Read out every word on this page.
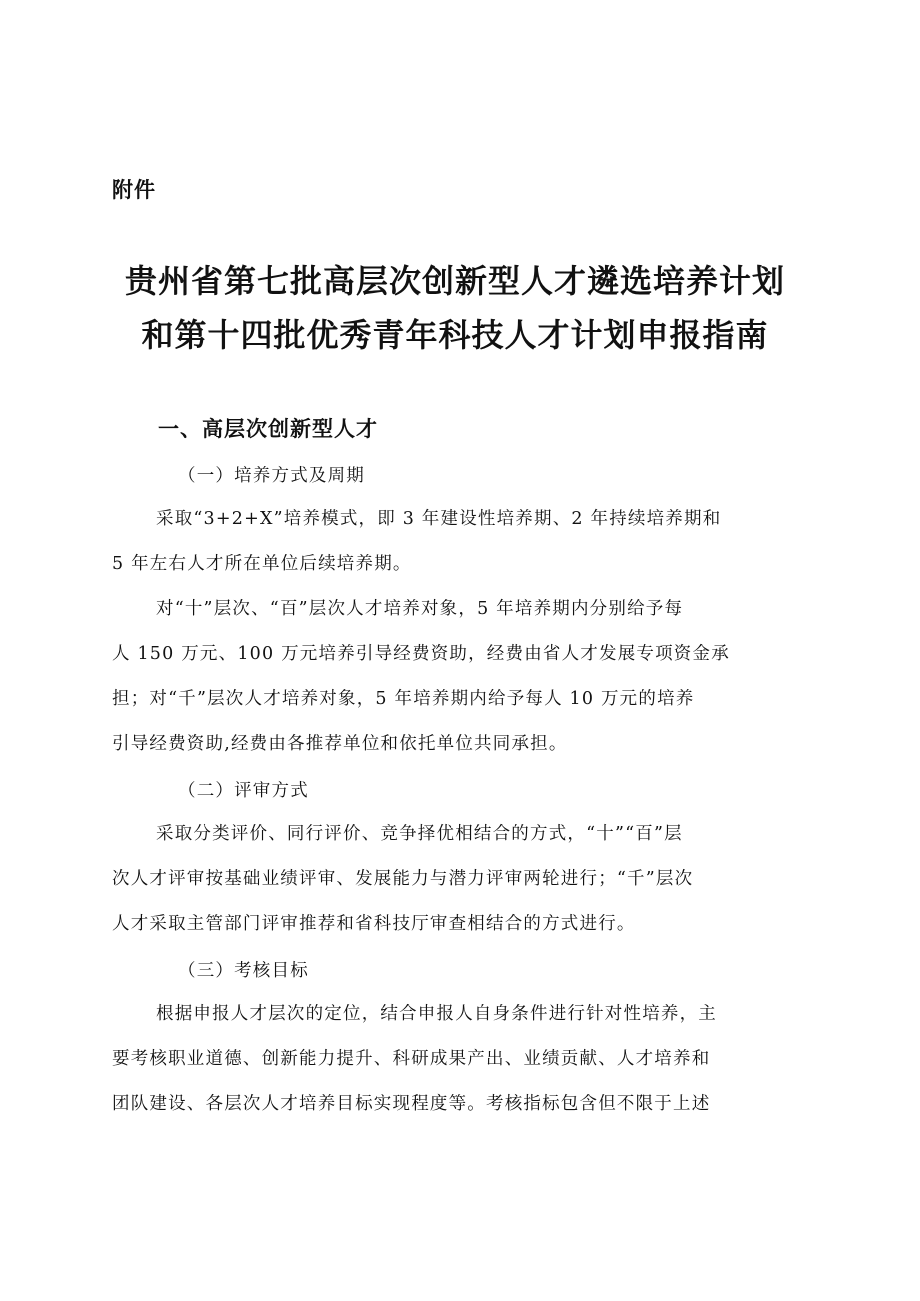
附件
贵州省第七批高层次创新型人才遴选培养计划
和第十四批优秀青年科技人才计划申报指南
一、高层次创新型人才
（一）培养方式及周期
采取“3+2+X”培养模式，即 3 年建设性培养期、2 年持续培养期和
5 年左右人才所在单位后续培养期。
对“十”层次、“百”层次人才培养对象，5 年培养期内分别给予每
人 150 万元、100 万元培养引导经费资助，经费由省人才发展专项资金承
担；对“千”层次人才培养对象，5 年培养期内给予每人 10 万元的培养
引导经费资助,经费由各推荐单位和依托单位共同承担。
（二）评审方式
采取分类评价、同行评价、竞争择优相结合的方式，“十”“百”层
次人才评审按基础业绩评审、发展能力与潜力评审两轮进行；“千”层次
人才采取主管部门评审推荐和省科技厅审查相结合的方式进行。
（三）考核目标
根据申报人才层次的定位，结合申报人自身条件进行针对性培养，主
要考核职业道德、创新能力提升、科研成果产出、业绩贡献、人才培养和
团队建设、各层次人才培养目标实现程度等。考核指标包含但不限于上述
